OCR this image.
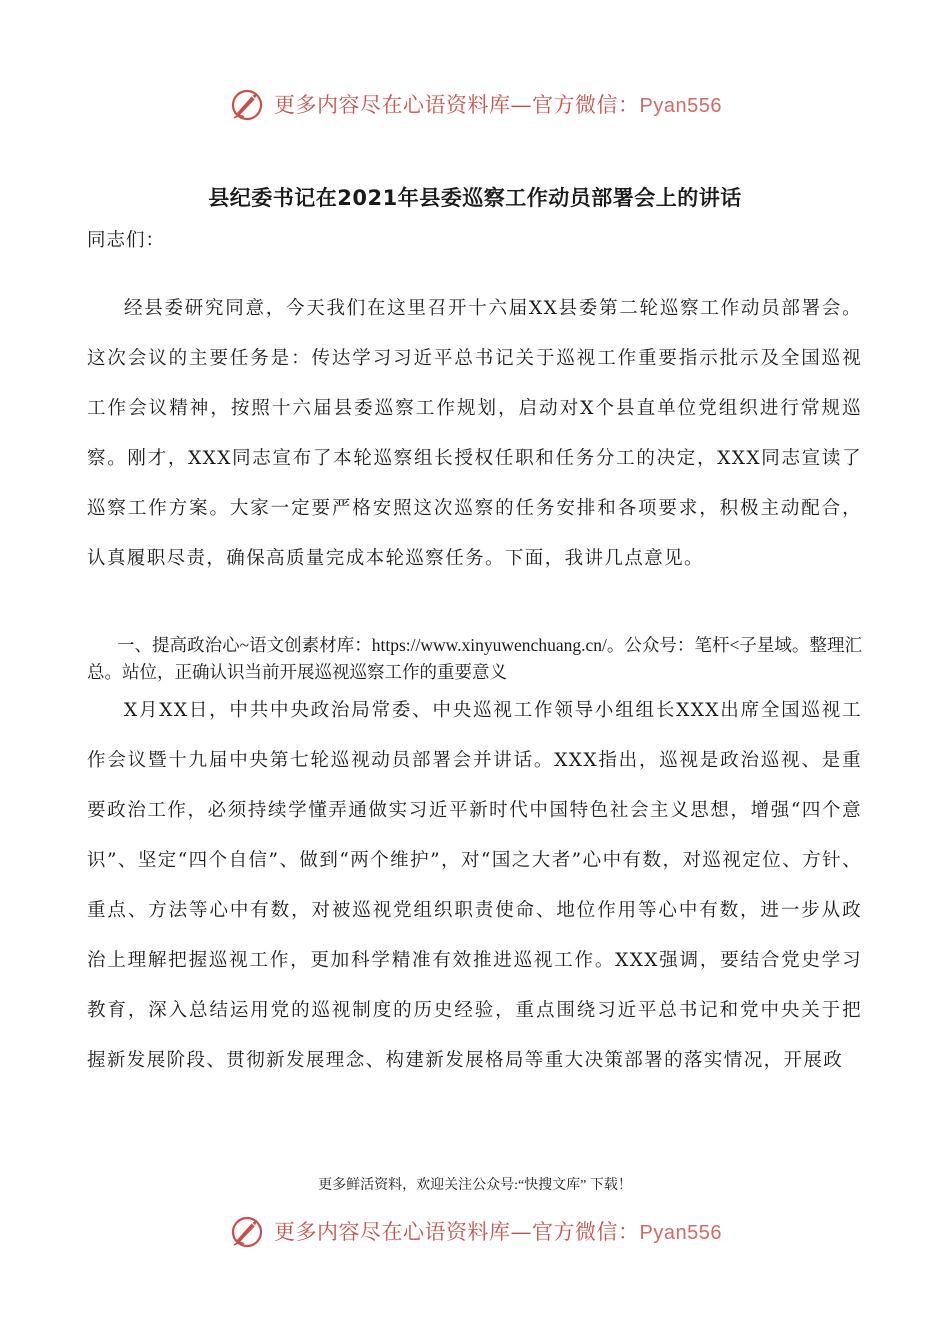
更多内容尽在心语资料库—官方微信：Pyan556
县纪委书记在2021年县委巡察工作动员部署会上的讲话
同志们：

经县委研究同意，今天我们在这里召开十六届XX县委第二轮巡察工作动员部署会。这次会议的主要任务是：传达学习习近平总书记关于巡视工作重要指示批示及全国巡视工作会议精神，按照十六届县委巡察工作规划，启动对X个县直单位党组织进行常规巡察。刚才，XXX同志宣布了本轮巡察组长授权任职和任务分工的决定，XXX同志宣读了巡察工作方案。大家一定要严格安照这次巡察的任务安排和各项要求，积极主动配合，认真履职尽责，确保高质量完成本轮巡察任务。下面，我讲几点意见。

一、提高政治心~语文创素材库：https://www.xinyuwenchuang.cn/。公众号：笔杆<子星域。整理汇总。站位，正确认识当前开展巡视巡察工作的重要意义

X月XX日，中共中央政治局常委、中央巡视工作领导小组组长XXX出席全国巡视工作会议暨十九届中央第七轮巡视动员部署会并讲话。XXX指出，巡视是政治巡视、是重要政治工作，必须持续学懂弄通做实习近平新时代中国特色社会主义思想，增强“四个意识”、坚定“四个自信”、做到“两个维护”，对“国之大者”心中有数，对巡视定位、方针、重点、方法等心中有数，对被巡视党组织职责使命、地位作用等心中有数，进一步从政治上理解把握巡视工作，更加科学精准有效推进巡视工作。XXX强调，要结合党史学习教育，深入总结运用党的巡视制度的历史经验，重点围绕习近平总书记和党中央关于把握新发展阶段、贯彻新发展理念、构建新发展格局等重大决策部署的落实情况，开展政

更多鲜活资料，欢迎关注公众号:“快搜文库” 下载！
更多内容尽在心语资料库—官方微信：Pyan556
